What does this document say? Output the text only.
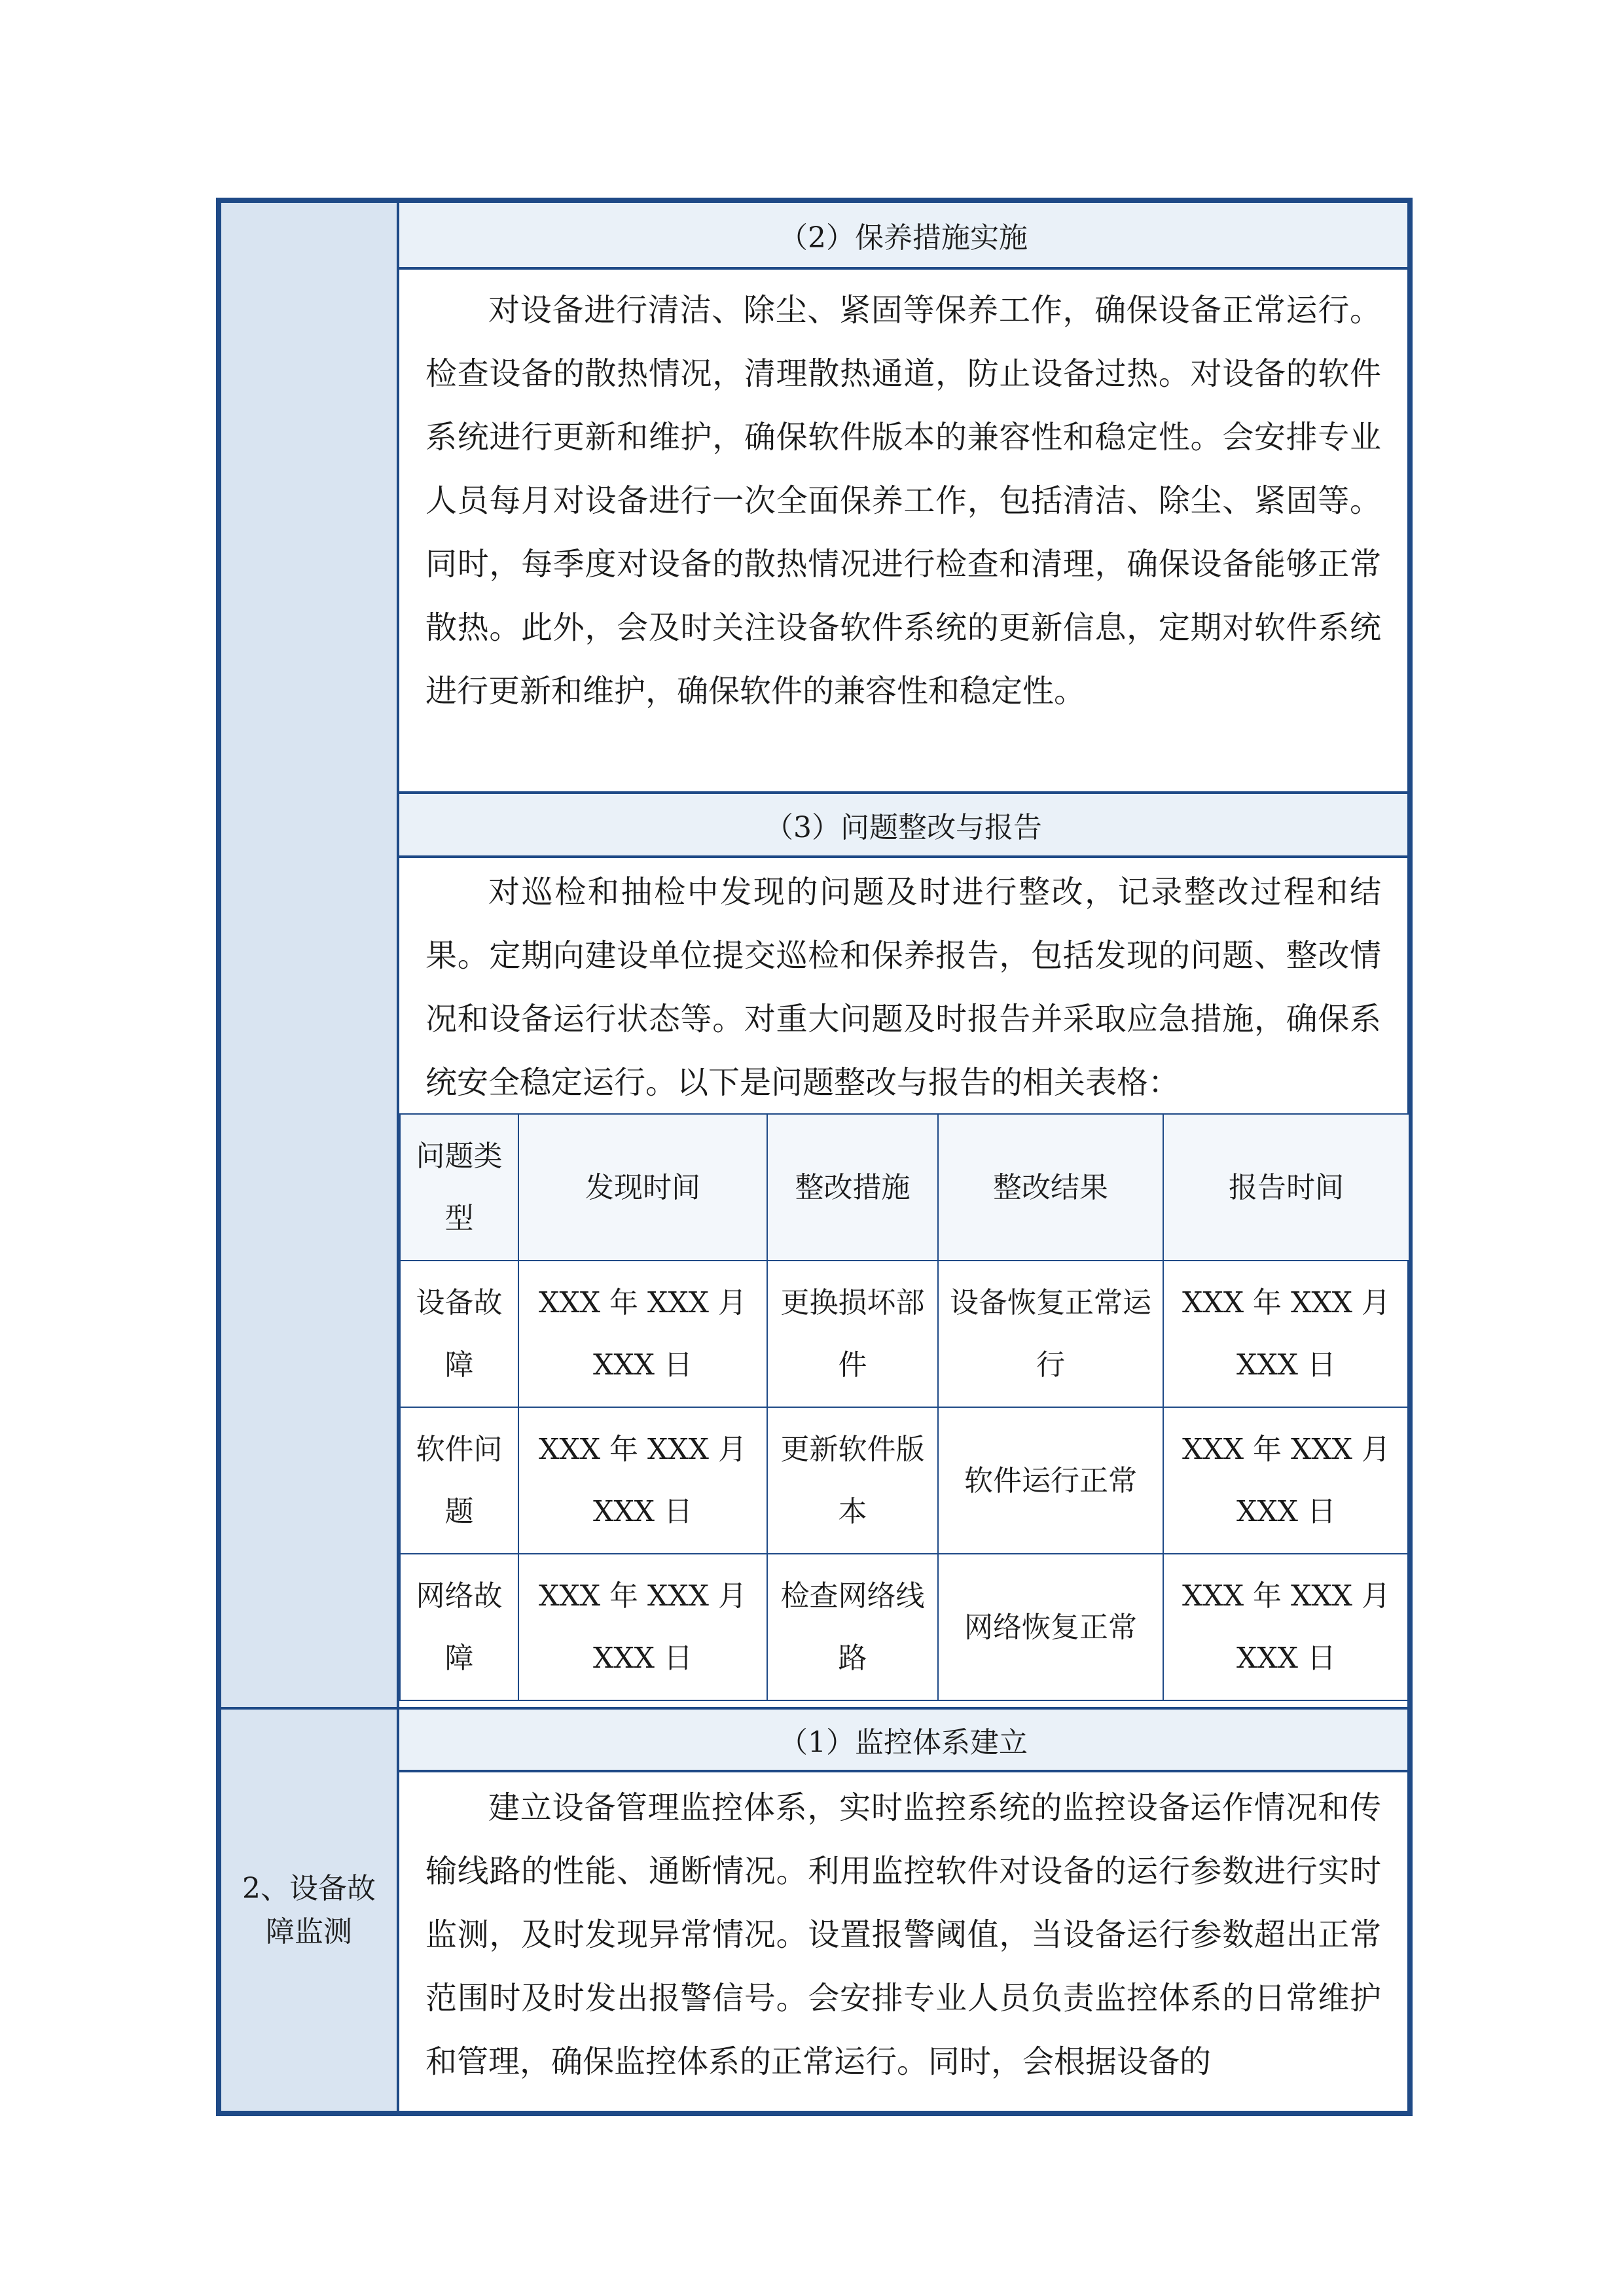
2、设备故障监测
（2）保养措施实施
对设备进行清洁、除尘、紧固等保养工作，确保设备正常运行。检查设备的散热情况，清理散热通道，防止设备过热。对设备的软件系统进行更新和维护，确保软件版本的兼容性和稳定性。会安排专业人员每月对设备进行一次全面保养工作，包括清洁、除尘、紧固等。同时，每季度对设备的散热情况进行检查和清理，确保设备能够正常散热。此外，会及时关注设备软件系统的更新信息，定期对软件系统进行更新和维护，确保软件的兼容性和稳定性。
（3）问题整改与报告
对巡检和抽检中发现的问题及时进行整改，记录整改过程和结果。定期向建设单位提交巡检和保养报告，包括发现的问题、整改情况和设备运行状态等。对重大问题及时报告并采取应急措施，确保系统安全稳定运行。以下是问题整改与报告的相关表格：
问题类型	发现时间	整改措施	整改结果	报告时间
设备故障	XXX 年 XXX 月 XXX 日	更换损坏部件	设备恢复正常运行	XXX 年 XXX 月 XXX 日
软件问题	XXX 年 XXX 月 XXX 日	更新软件版本	软件运行正常	XXX 年 XXX 月 XXX 日
网络故障	XXX 年 XXX 月 XXX 日	检查网络线路	网络恢复正常	XXX 年 XXX 月 XXX 日
（1）监控体系建立
建立设备管理监控体系，实时监控系统的监控设备运作情况和传输线路的性能、通断情况。利用监控软件对设备的运行参数进行实时监测，及时发现异常情况。设置报警阈值，当设备运行参数超出正常范围时及时发出报警信号。会安排专业人员负责监控体系的日常维护和管理，确保监控体系的正常运行。同时，会根据设备的
